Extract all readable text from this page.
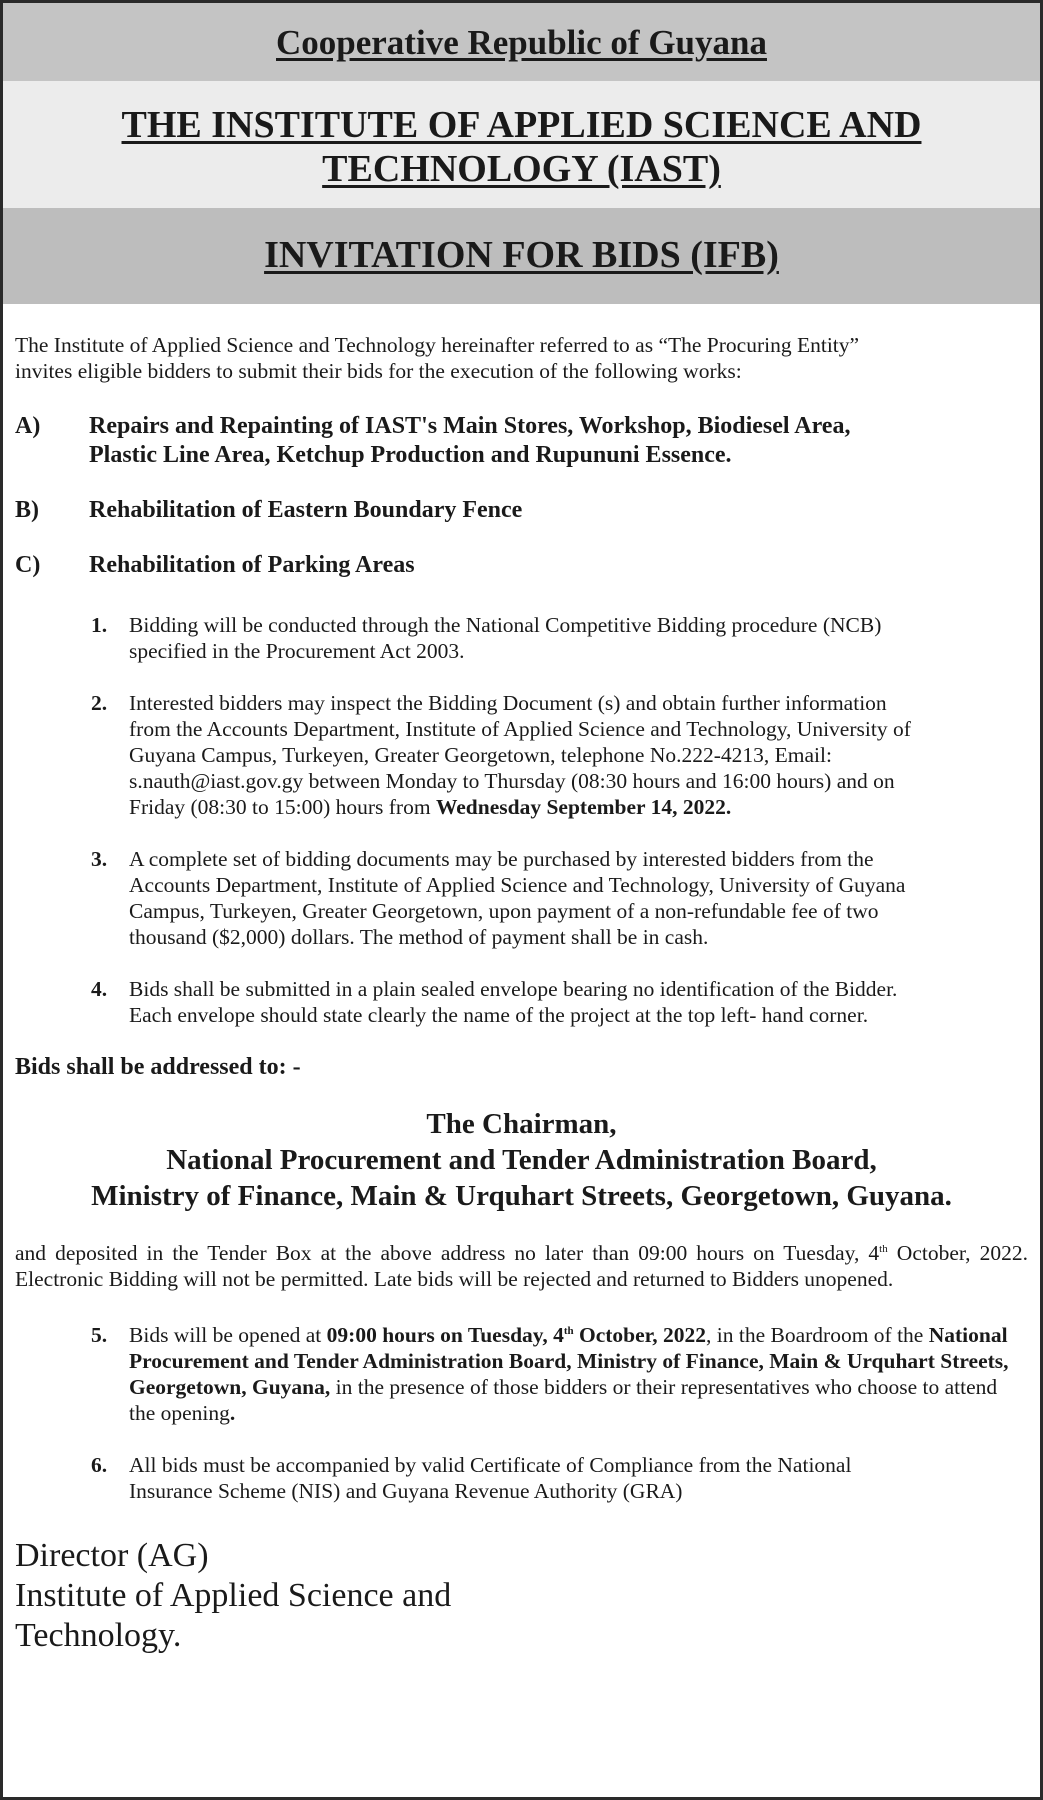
Cooperative Republic of Guyana
THE INSTITUTE OF APPLIED SCIENCE AND
TECHNOLOGY (IAST)
INVITATION FOR BIDS (IFB)
The Institute of Applied Science and Technology hereinafter referred to as “The Procuring Entity”
invites eligible bidders to submit their bids for the execution of the following works:
A)	Repairs and Repainting of IAST's Main Stores, Workshop, Biodiesel Area,
Plastic Line Area, Ketchup Production and Rupununi Essence.
B)	Rehabilitation of Eastern Boundary Fence
C)	Rehabilitation of Parking Areas
1.	Bidding will be conducted through the National Competitive Bidding procedure (NCB)
specified in the Procurement Act 2003.
2.	Interested bidders may inspect the Bidding Document (s) and obtain further information
from the Accounts Department, Institute of Applied Science and Technology, University of
Guyana Campus, Turkeyen, Greater Georgetown, telephone No.222-4213, Email:
s.nauth@iast.gov.gy between Monday to Thursday (08:30 hours and 16:00 hours) and on
Friday (08:30 to 15:00) hours from Wednesday September 14, 2022.
3.	A complete set of bidding documents may be purchased by interested bidders from the
Accounts Department, Institute of Applied Science and Technology, University of Guyana
Campus, Turkeyen, Greater Georgetown, upon payment of a non-refundable fee of two
thousand ($2,000) dollars. The method of payment shall be in cash.
4.	Bids shall be submitted in a plain sealed envelope bearing no identification of the Bidder.
Each envelope should state clearly the name of the project at the top left- hand corner.
Bids shall be addressed to: -
The Chairman,
National Procurement and Tender Administration Board,
Ministry of Finance, Main & Urquhart Streets, Georgetown, Guyana.
and deposited in the Tender Box at the above address no later than 09:00 hours on Tuesday, 4th October, 2022. Electronic Bidding will not be permitted. Late bids will be rejected and returned to Bidders unopened.
5.	Bids will be opened at 09:00 hours on Tuesday, 4th October, 2022, in the Boardroom of the National Procurement and Tender Administration Board, Ministry of Finance, Main & Urquhart Streets, Georgetown, Guyana, in the presence of those bidders or their representatives who choose to attend the opening.
6.	All bids must be accompanied by valid Certificate of Compliance from the National
Insurance Scheme (NIS) and Guyana Revenue Authority (GRA)
Director (AG)
Institute of Applied Science and
Technology.
